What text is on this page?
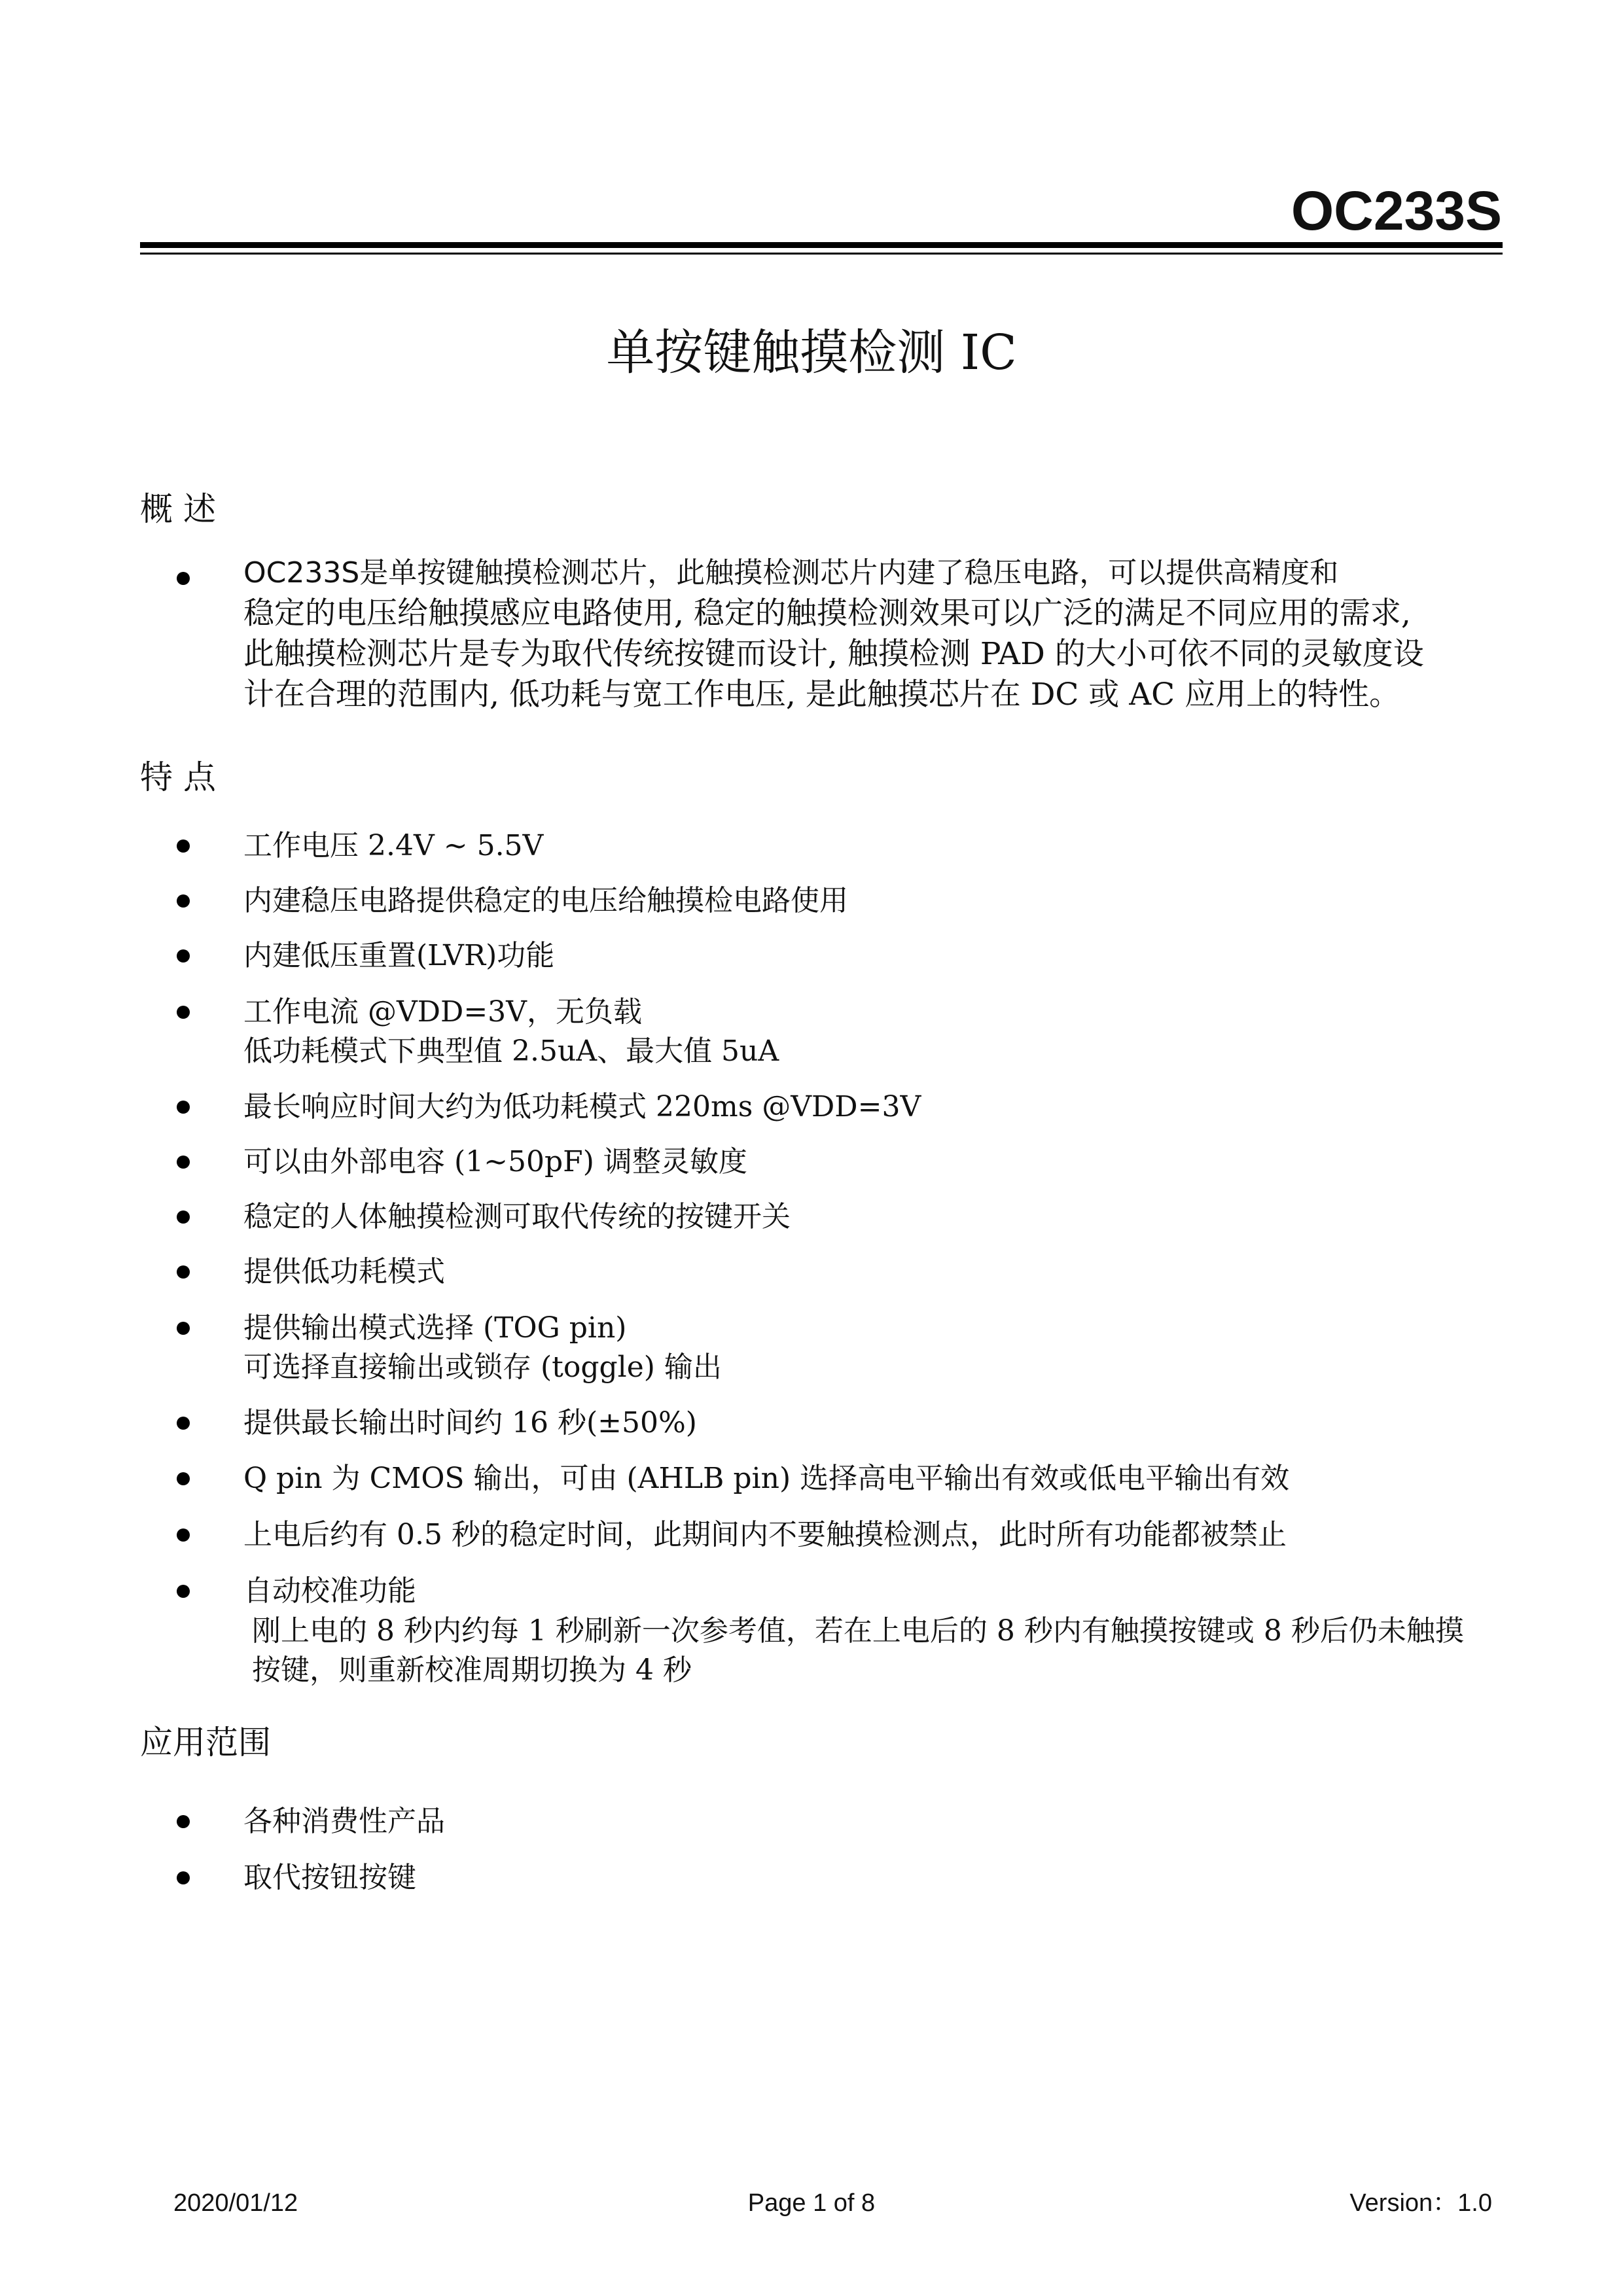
OC233S
单按键触摸检测 IC
概述
OC233S是单按键触摸检测芯片，此触摸检测芯片内建了稳压电路，可以提供高精度和
稳定的电压给触摸感应电路使用, 稳定的触摸检测效果可以广泛的满足不同应用的需求,
此触摸检测芯片是专为取代传统按键而设计, 触摸检测 PAD 的大小可依不同的灵敏度设
计在合理的范围内, 低功耗与宽工作电压, 是此触摸芯片在 DC 或 AC 应用上的特性。
特点
工作电压 2.4V ~ 5.5V
内建稳压电路提供稳定的电压给触摸检电路使用
内建低压重置(LVR)功能
工作电流 @VDD=3V，无负载
低功耗模式下典型值 2.5uA、最大值 5uA
最长响应时间大约为低功耗模式 220ms @VDD=3V
可以由外部电容 (1~50pF) 调整灵敏度
稳定的人体触摸检测可取代传统的按键开关
提供低功耗模式
提供输出模式选择 (TOG pin)
可选择直接输出或锁存 (toggle) 输出
提供最长输出时间约 16 秒(±50%)
Q pin 为 CMOS 输出，可由 (AHLB pin) 选择高电平输出有效或低电平输出有效
上电后约有 0.5 秒的稳定时间，此期间内不要触摸检测点，此时所有功能都被禁止
自动校准功能
刚上电的 8 秒内约每 1 秒刷新一次参考值，若在上电后的 8 秒内有触摸按键或 8 秒后仍未触摸
按键，则重新校准周期切换为 4 秒
应用范围
各种消费性产品
取代按钮按键
2020/01/12	Page 1 of 8	Version：1.0
